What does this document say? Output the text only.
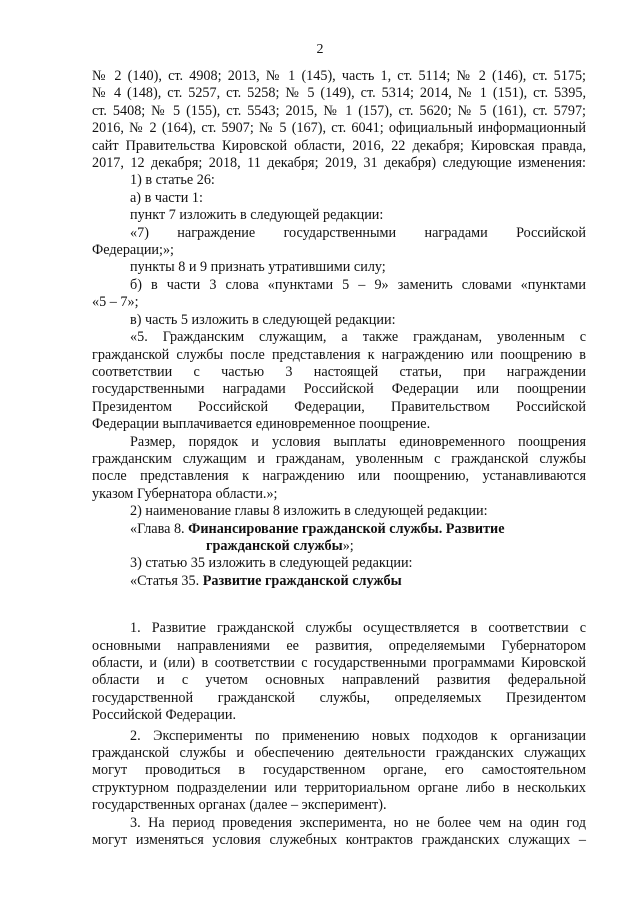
2

№ 2 (140), ст. 4908; 2013, № 1 (145), часть 1, ст. 5114; № 2 (146), ст. 5175;

№ 4 (148), ст. 5257, ст. 5258; № 5 (149), ст. 5314; 2014, № 1 (151), ст. 5395,

ст. 5408; № 5 (155), ст. 5543; 2015, № 1 (157), ст. 5620; № 5 (161), ст. 5797;

2016, № 2 (164), ст. 5907; № 5 (167), ст. 6041; официальный информационный

сайт Правительства Кировской области, 2016, 22 декабря; Кировская правда,

2017, 12 декабря; 2018, 11 декабря; 2019, 31 декабря) следующие изменения:

1) в статье 26:

а) в части 1:

пункт 7 изложить в следующей редакции:

«7) награждение государственными наградами Российской

Федерации;»;

пункты 8 и 9 признать утратившими силу;

б) в части 3 слова «пунктами 5 – 9» заменить словами «пунктами

«5 – 7»;

в) часть 5 изложить в следующей редакции:

«5. Гражданским служащим, а также гражданам, уволенным с

гражданской службы после представления к награждению или поощрению в

соответствии с частью 3 настоящей статьи, при награждении

государственными наградами Российской Федерации или поощрении

Президентом Российской Федерации, Правительством Российской

Федерации выплачивается единовременное поощрение.

Размер, порядок и условия выплаты единовременного поощрения

гражданским служащим и гражданам, уволенным с гражданской службы

после представления к награждению или поощрению, устанавливаются

указом Губернатора области.»;

2) наименование главы 8 изложить в следующей редакции:

«Глава 8. Финансирование гражданской службы. Развитие
гражданской службы»;

3) статью 35 изложить в следующей редакции:

«Статья 35. Развитие гражданской службы

1. Развитие гражданской службы осуществляется в соответствии с

основными направлениями ее развития, определяемыми Губернатором

области, и (или) в соответствии с государственными программами Кировской

области и с учетом основных направлений развития федеральной

государственной гражданской службы, определяемых Президентом

Российской Федерации.

2. Эксперименты по применению новых подходов к организации

гражданской службы и обеспечению деятельности гражданских служащих

могут проводиться в государственном органе, его самостоятельном

структурном подразделении или территориальном органе либо в нескольких

государственных органах (далее – эксперимент).

3. На период проведения эксперимента, но не более чем на один год

могут изменяться условия служебных контрактов гражданских служащих –
